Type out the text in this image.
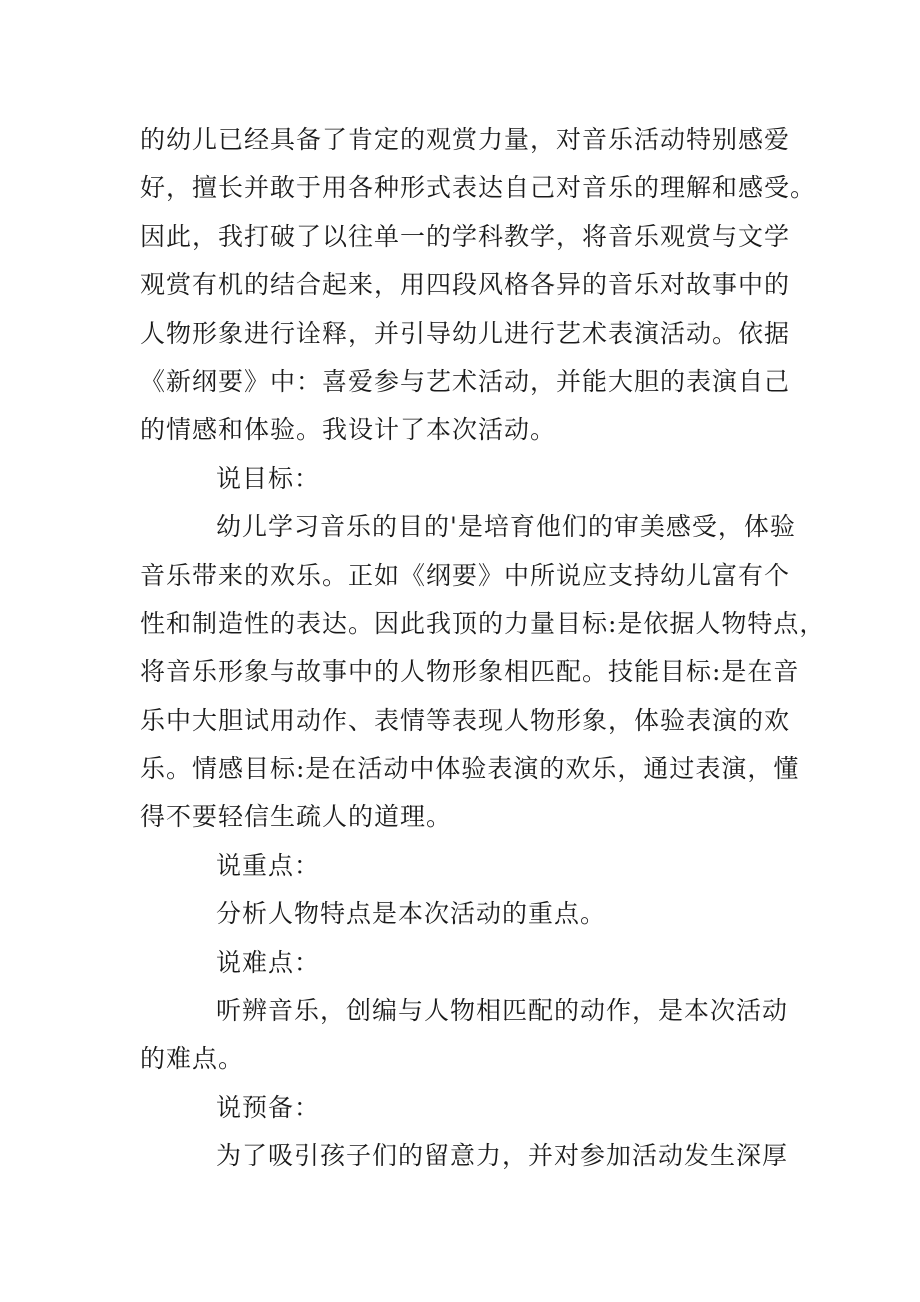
的幼儿已经具备了肯定的观赏力量，对音乐活动特别感爱
好，擅长并敢于用各种形式表达自己对音乐的理解和感受。
因此，我打破了以往单一的学科教学，将音乐观赏与文学
观赏有机的结合起来，用四段风格各异的音乐对故事中的
人物形象进行诠释，并引导幼儿进行艺术表演活动。依据
《新纲要》中：喜爱参与艺术活动，并能大胆的表演自己
的情感和体验。我设计了本次活动。
说目标：
幼儿学习音乐的目的'是培育他们的审美感受，体验
音乐带来的欢乐。正如《纲要》中所说应支持幼儿富有个
性和制造性的表达。因此我顶的力量目标:是依据人物特点，
将音乐形象与故事中的人物形象相匹配。技能目标:是在音
乐中大胆试用动作、表情等表现人物形象，体验表演的欢
乐。情感目标:是在活动中体验表演的欢乐，通过表演，懂
得不要轻信生疏人的道理。
说重点：
分析人物特点是本次活动的重点。
说难点：
听辨音乐，创编与人物相匹配的动作，是本次活动
的难点。
说预备：
为了吸引孩子们的留意力，并对参加活动发生深厚
